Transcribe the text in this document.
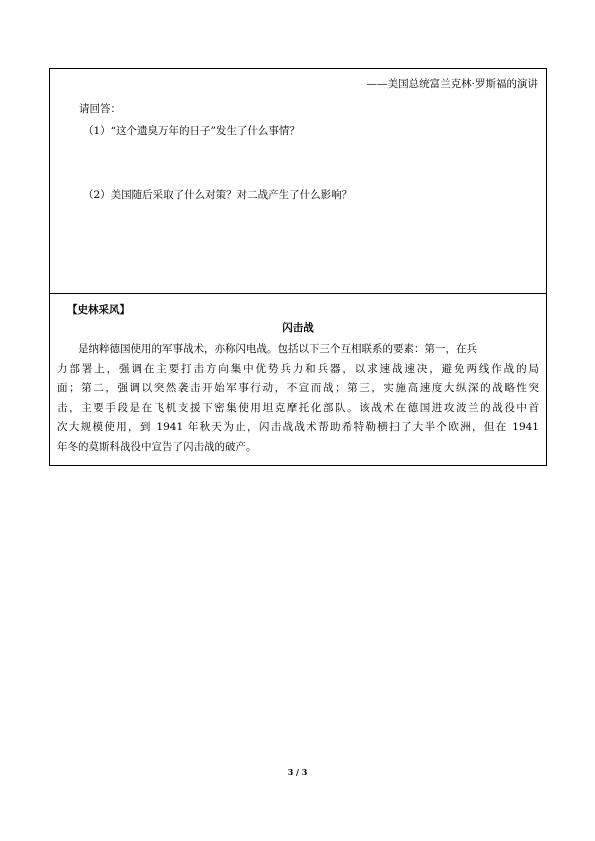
——美国总统富兰克林·罗斯福的演讲
请回答：
（1）“这个遗臭万年的日子”发生了什么事情？
（2）美国随后采取了什么对策？对二战产生了什么影响？
【史林采风】
闪击战
是纳粹德国使用的军事战术，亦称闪电战。包括以下三个互相联系的要素：第一，在兵
力部署上，强调在主要打击方向集中优势兵力和兵器，以求速战速决，避免两线作战的局
面；第二，强调以突然袭击开始军事行动，不宣而战；第三，实施高速度大纵深的战略性突
击，主要手段是在飞机支援下密集使用坦克摩托化部队。该战术在德国进攻波兰的战役中首
次大规模使用，到 1941 年秋天为止，闪击战战术帮助希特勒横扫了大半个欧洲，但在 1941
年冬的莫斯科战役中宣告了闪击战的破产。
3 / 3
